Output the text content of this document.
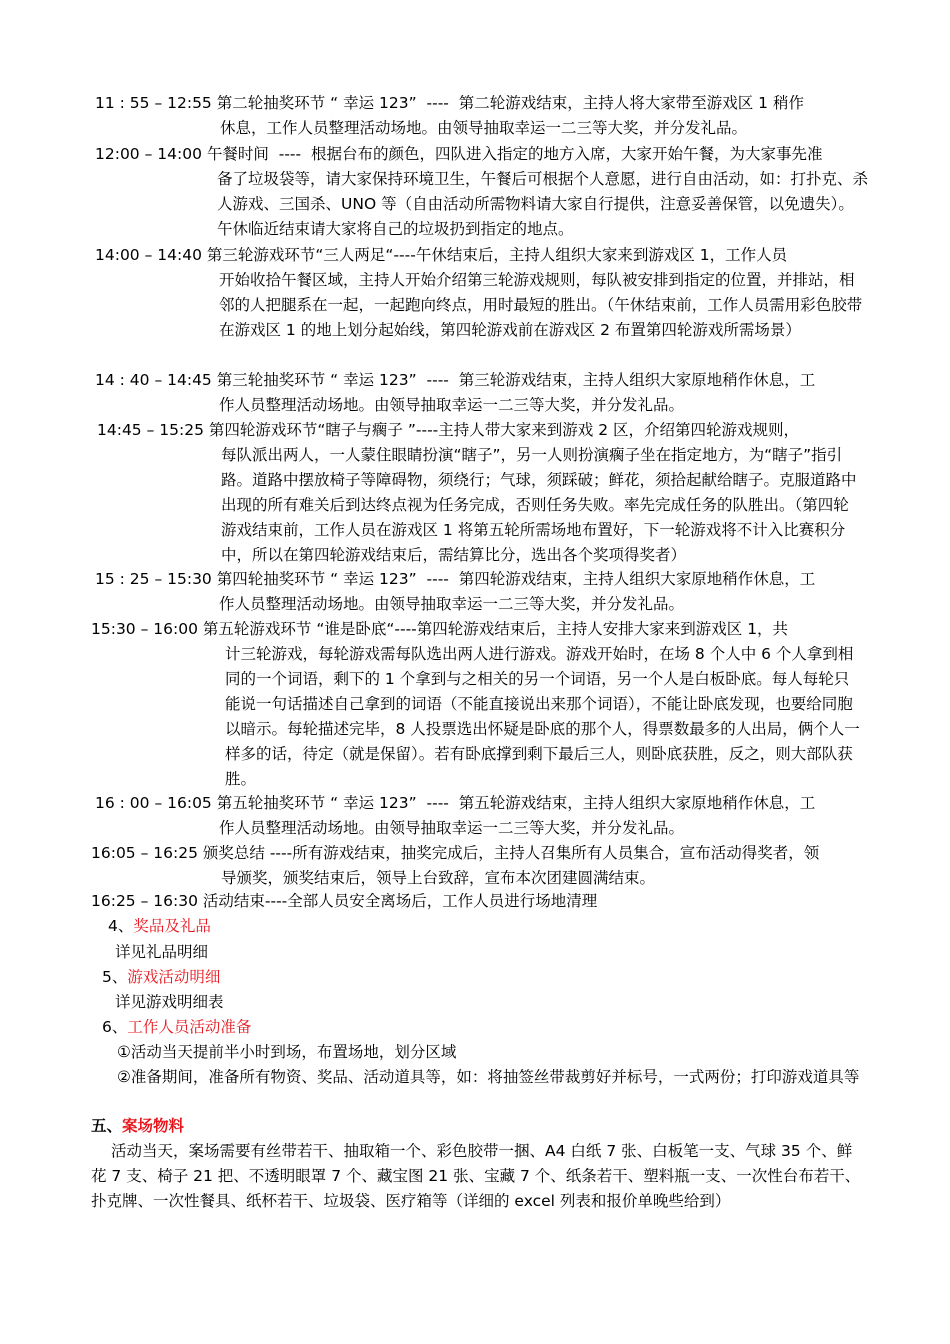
11 : 55 – 12:55 第二轮抽奖环节 “ 幸运 123”  ----  第二轮游戏结束，主持人将大家带至游戏区 1 稍作
休息，工作人员整理活动场地。由领导抽取幸运一二三等大奖，并分发礼品。
12:00 – 14:00 午餐时间  ----  根据台布的颜色，四队进入指定的地方入席，大家开始午餐，为大家事先准
备了垃圾袋等，请大家保持环境卫生，午餐后可根据个人意愿，进行自由活动，如：打扑克、杀人游戏、三国杀、UNO 等（自由活动所需物料请大家自行提供，注意妥善保管，以免遗失）。午休临近结束请大家将自己的垃圾扔到指定的地点。
14:00 – 14:40 第三轮游戏环节“三人两足“----午休结束后，主持人组织大家来到游戏区 1，工作人员
开始收拾午餐区域，主持人开始介绍第三轮游戏规则，每队被安排到指定的位置，并排站，相邻的人把腿系在一起，一起跑向终点，用时最短的胜出。（午休结束前，工作人员需用彩色胶带在游戏区 1 的地上划分起始线，第四轮游戏前在游戏区 2 布置第四轮游戏所需场景）
14 : 40 – 14:45 第三轮抽奖环节 “ 幸运 123”  ----  第三轮游戏结束，主持人组织大家原地稍作休息，工
作人员整理活动场地。由领导抽取幸运一二三等大奖，并分发礼品。
14:45 – 15:25 第四轮游戏环节“瞎子与瘸子 ”----主持人带大家来到游戏 2 区，介绍第四轮游戏规则，
每队派出两人，一人蒙住眼睛扮演“瞎子”，另一人则扮演瘸子坐在指定地方，为“瞎子”指引路。道路中摆放椅子等障碍物，须绕行；气球，须踩破；鲜花，须拾起献给瞎子。克服道路中出现的所有难关后到达终点视为任务完成，否则任务失败。率先完成任务的队胜出。（第四轮游戏结束前，工作人员在游戏区 1 将第五轮所需场地布置好，下一轮游戏将不计入比赛积分中，所以在第四轮游戏结束后，需结算比分，选出各个奖项得奖者）
15 : 25 – 15:30 第四轮抽奖环节 “ 幸运 123”  ----  第四轮游戏结束，主持人组织大家原地稍作休息，工
作人员整理活动场地。由领导抽取幸运一二三等大奖，并分发礼品。
15:30 – 16:00 第五轮游戏环节 “谁是卧底“----第四轮游戏结束后，主持人安排大家来到游戏区 1，共
计三轮游戏，每轮游戏需每队选出两人进行游戏。游戏开始时，在场 8 个人中 6 个人拿到相同的一个词语，剩下的 1 个拿到与之相关的另一个词语，另一个人是白板卧底。每人每轮只能说一句话描述自己拿到的词语（不能直接说出来那个词语），不能让卧底发现，也要给同胞以暗示。每轮描述完毕，8 人投票选出怀疑是卧底的那个人，得票数最多的人出局，俩个人一样多的话，待定（就是保留）。若有卧底撑到剩下最后三人，则卧底获胜，反之，则大部队获胜。
16 : 00 – 16:05 第五轮抽奖环节 “ 幸运 123”  ----  第五轮游戏结束，主持人组织大家原地稍作休息，工
作人员整理活动场地。由领导抽取幸运一二三等大奖，并分发礼品。
16:05 – 16:25 颁奖总结 ----所有游戏结束，抽奖完成后，主持人召集所有人员集合，宣布活动得奖者，领
导颁奖，颁奖结束后，领导上台致辞，宣布本次团建圆满结束。
16:25 – 16:30 活动结束----全部人员安全离场后，工作人员进行场地清理
4、奖品及礼品
详见礼品明细
5、游戏活动明细
详见游戏明细表
6、工作人员活动准备
①活动当天提前半小时到场，布置场地，划分区域
②准备期间，准备所有物资、奖品、活动道具等，如：将抽签丝带裁剪好并标号，一式两份；打印游戏道具等
五、案场物料
活动当天，案场需要有丝带若干、抽取箱一个、彩色胶带一捆、A4 白纸 7 张、白板笔一支、气球 35 个、鲜花 7 支、椅子 21 把、不透明眼罩 7 个、藏宝图 21 张、宝藏 7 个、纸条若干、塑料瓶一支、一次性台布若干、扑克牌、一次性餐具、纸杯若干、垃圾袋、医疗箱等（详细的 excel 列表和报价单晚些给到）
